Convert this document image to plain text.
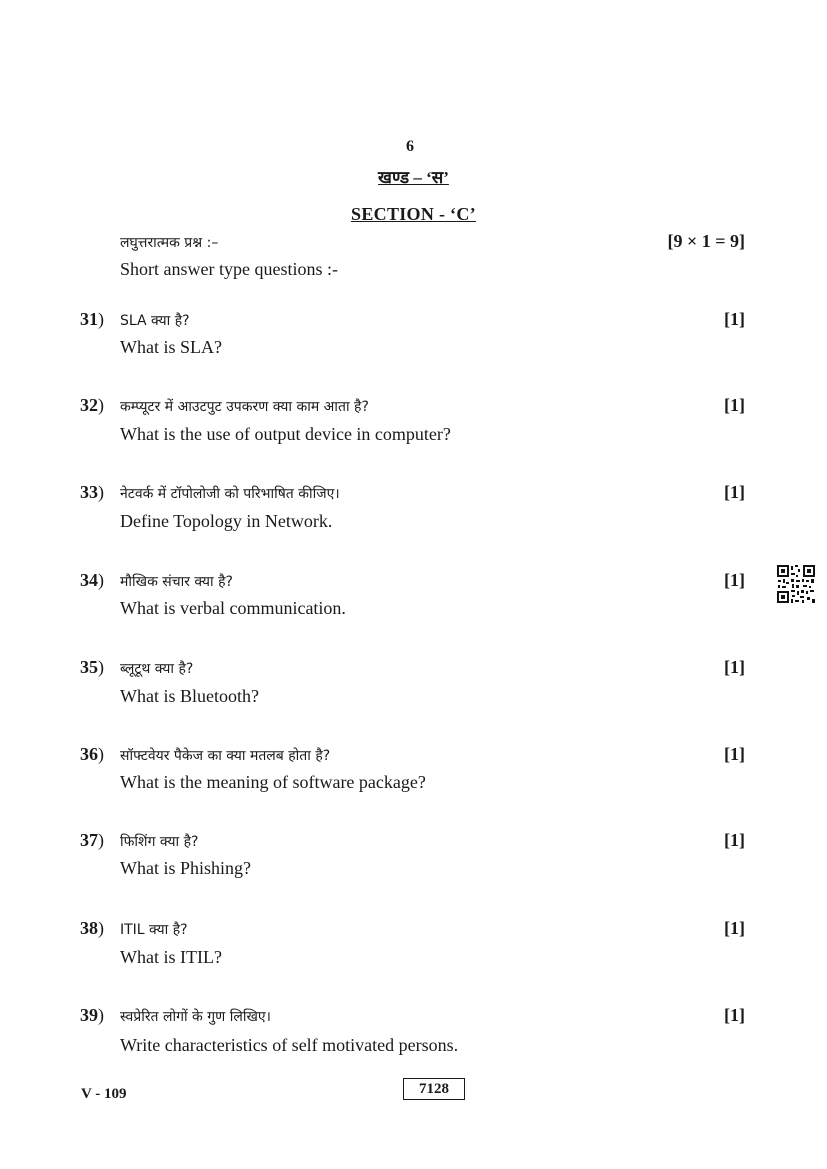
6
खण्ड – ‘स’
SECTION - ‘C’
लघुत्तरात्मक प्रश्न :–	[9 × 1 = 9]
Short answer type questions :-
31) SLA क्या है?	[1]
What is SLA?
32) कम्प्यूटर में आउटपुट उपकरण क्या काम आता है?	[1]
What is the use of output device in computer?
33) नेटवर्क में टॉपोलोजी को परिभाषित कीजिए।	[1]
Define Topology in Network.
34) मौखिक संचार क्या है?	[1]
What is verbal communication.
35) ब्लूटूथ क्या है?	[1]
What is Bluetooth?
36) सॉफ्टवेयर पैकेज का क्या मतलब होता है?	[1]
What is the meaning of software package?
37) फिशिंग क्या है?	[1]
What is Phishing?
38) ITIL क्या है?	[1]
What is ITIL?
39) स्वप्रेरित लोगों के गुण लिखिए।	[1]
Write characteristics of self motivated persons.
V - 109	7128
